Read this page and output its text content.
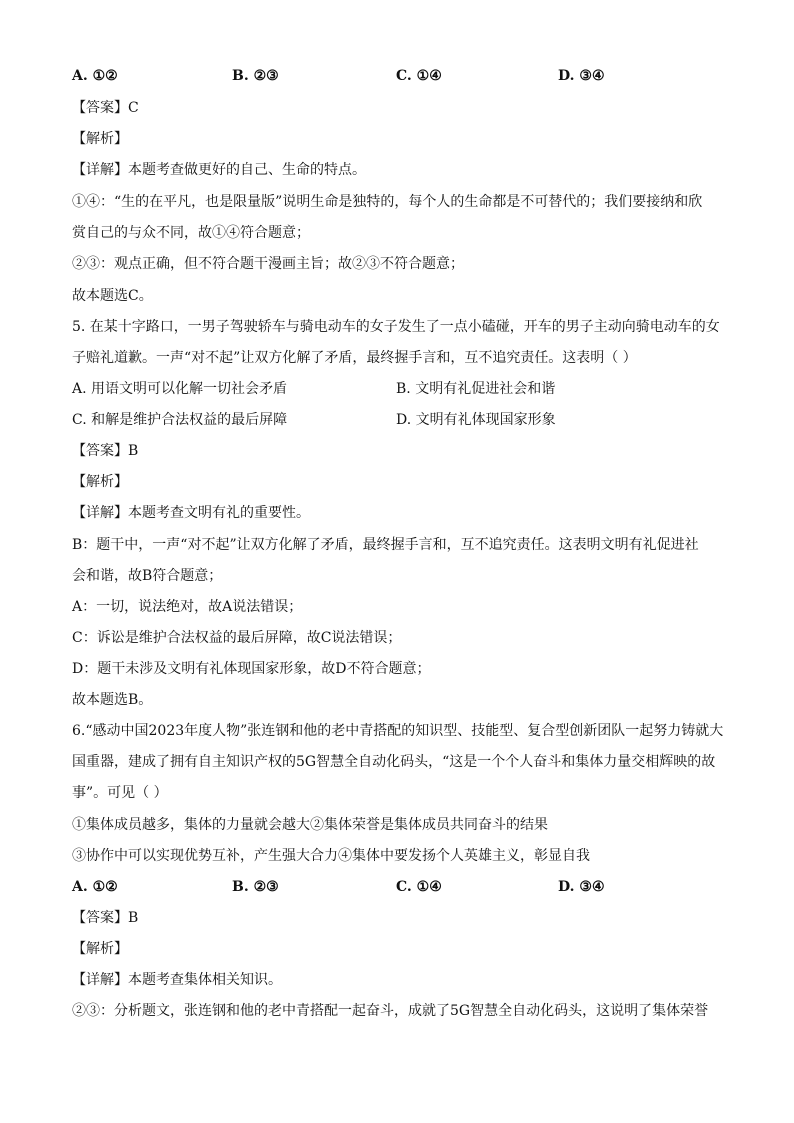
A. ①②	B. ②③	C. ①④	D. ③④
【答案】C
【解析】
【详解】本题考查做更好的自己、生命的特点。
①④：“生的在平凡，也是限量版”说明生命是独特的，每个人的生命都是不可替代的；我们要接纳和欣
赏自己的与众不同，故①④符合题意；
②③：观点正确，但不符合题干漫画主旨；故②③不符合题意；
故本题选C。
5. 在某十字路口，一男子驾驶轿车与骑电动车的女子发生了一点小磕碰，开车的男子主动向骑电动车的女
子赔礼道歉。一声“对不起”让双方化解了矛盾，最终握手言和，互不追究责任。这表明（ ）
A. 用语文明可以化解一切社会矛盾	B. 文明有礼促进社会和谐
C. 和解是维护合法权益的最后屏障	D. 文明有礼体现国家形象
【答案】B
【解析】
【详解】本题考查文明有礼的重要性。
B：题干中，一声“对不起”让双方化解了矛盾，最终握手言和，互不追究责任。这表明文明有礼促进社
会和谐，故B符合题意；
A：一切，说法绝对，故A说法错误；
C：诉讼是维护合法权益的最后屏障，故C说法错误；
D：题干未涉及文明有礼体现国家形象，故D不符合题意；
故本题选B。
6.“感动中国2023年度人物”张连钢和他的老中青搭配的知识型、技能型、复合型创新团队一起努力铸就大
国重器，建成了拥有自主知识产权的5G智慧全自动化码头，“这是一个个人奋斗和集体力量交相辉映的故
事”。可见（ ）
①集体成员越多，集体的力量就会越大②集体荣誉是集体成员共同奋斗的结果
③协作中可以实现优势互补，产生强大合力④集体中要发扬个人英雄主义，彰显自我
A. ①②	B. ②③	C. ①④	D. ③④
【答案】B
【解析】
【详解】本题考查集体相关知识。
②③：分析题文，张连钢和他的老中青搭配一起奋斗，成就了5G智慧全自动化码头，这说明了集体荣誉
